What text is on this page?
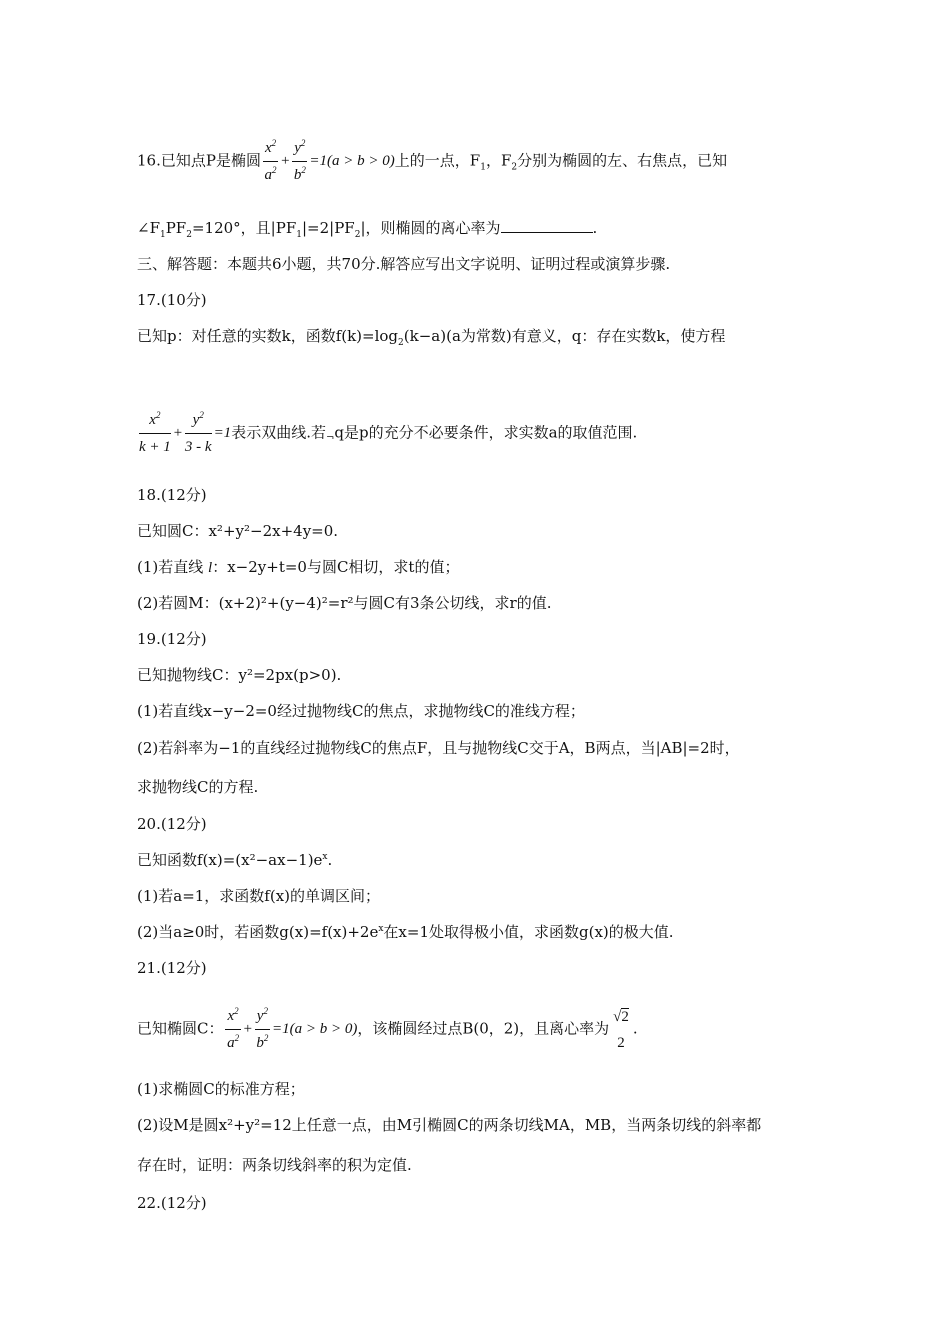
16.已知点P是椭圆 $\frac{x^2}{a^2} + \frac{y^2}{b^2} =1(a > b > 0)$上的一点，$F_1$，$F_2$分别为椭圆的左、右焦点，已知
$\angle F_1PF_2=120^\circ$，且$|PF_1|=2|PF_2|$，则椭圆的离心率为	.
三、解答题：本题共6小题，共70分.解答应写出文字说明、证明过程或演算步骤.
17.(10分)
已知p：对任意的实数k，函数$f(k)=\log_2(k-a)(a$为常数)有意义，q：存在实数k，使方程
$\frac{x^2}{k + 1} + \frac{y^2}{3 - k} =1$表示双曲线.若$_\neg$q是p的充分不必要条件，求实数a的取值范围.
18.(12分)
已知圆C：x²+y²−2x+4y=0.
(1)若直线 l：x−2y+t=0与圆C相切，求t的值；
(2)若圆M：(x+2)²+(y−4)²=r²与圆C有3条公切线，求r的值.
19.(12分)
已知抛物线C：y²=2px(p>0).
(1)若直线x−y−2=0经过抛物线C的焦点，求抛物线C的准线方程；
(2)若斜率为−1的直线经过抛物线C的焦点F，且与抛物线C交于A，B两点，当|AB|=2时，
求抛物线C的方程.
20.(12分)
已知函数$f(x)=(x^2-ax-1)e^x$.
(1)若a=1，求函数f(x)的单调区间；
(2)当a≥0时，若函数$g(x)=f(x)+2e^x$在x=1处取得极小值，求函数g(x)的极大值.
21.(12分)
已知椭圆C： $\frac{x^2}{a^2} + \frac{y^2}{b^2} =1(a > b > 0)$，该椭圆经过点B(0，2)，且离心率为
√2
2
.
(1)求椭圆C的标准方程；
(2)设M是圆x²+y²=12上任意一点，由M引椭圆C的两条切线MA，MB，当两条切线的斜率都
存在时，证明：两条切线斜率的积为定值.
22.(12分)
